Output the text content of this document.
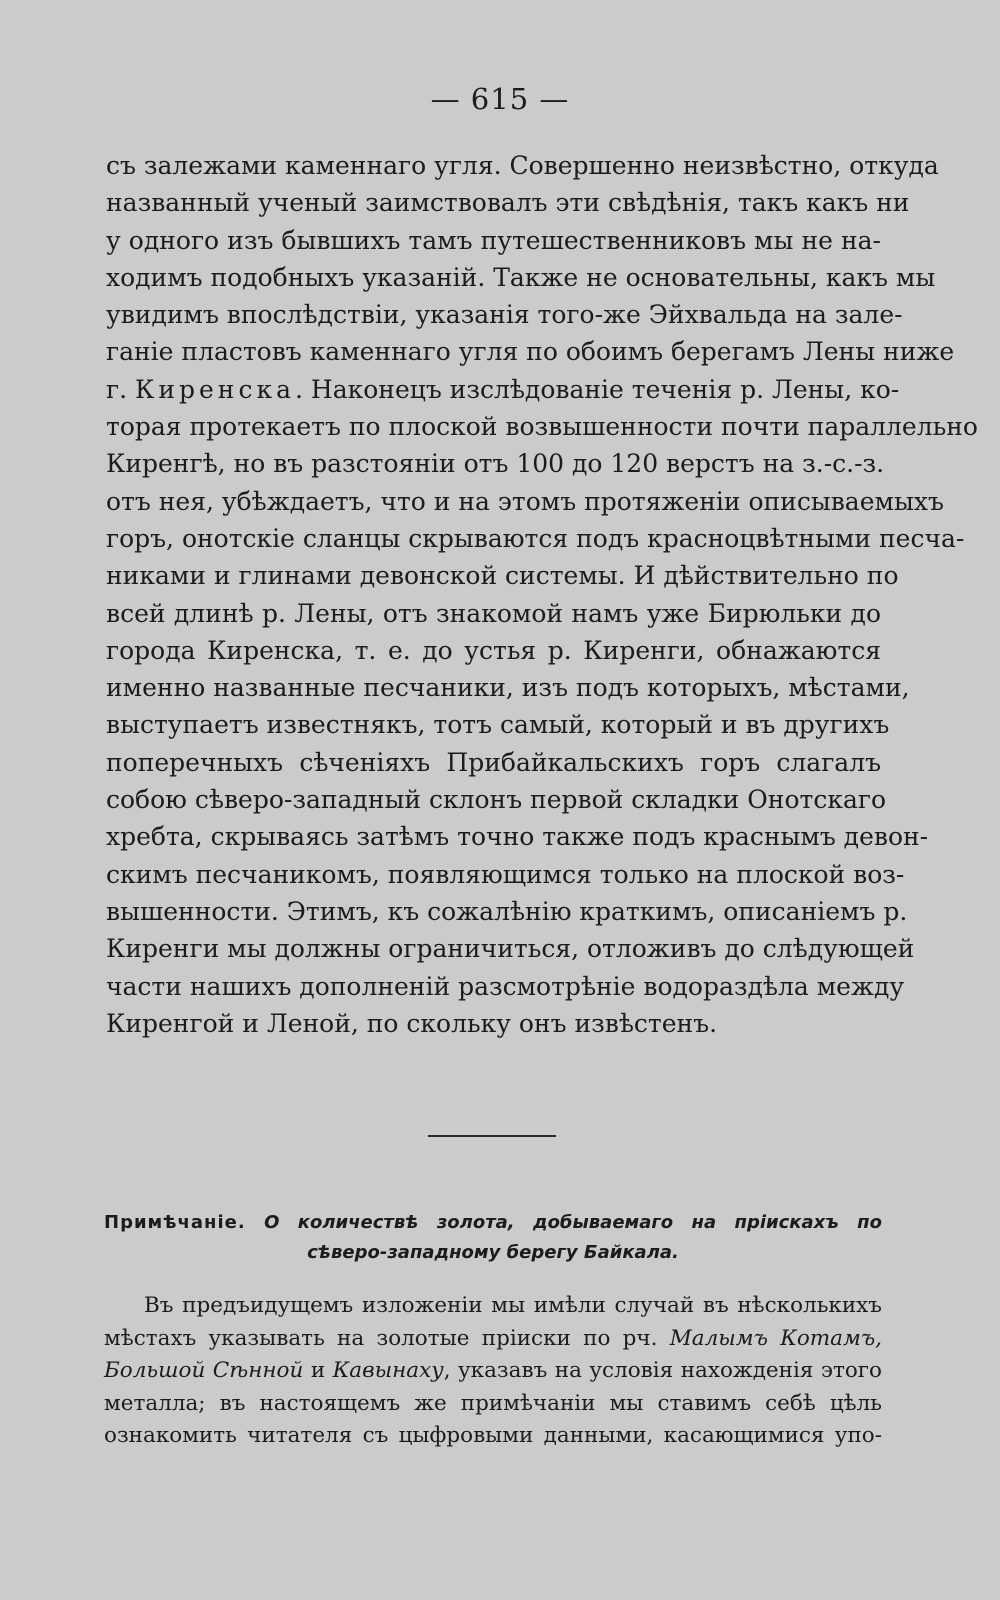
— 615 —
съ залежами каменнаго угля. Совершенно неизвѣстно, откуда
названный ученый заимствовалъ эти свѣдѣнія, такъ какъ ни
у одного изъ бывшихъ тамъ путешественниковъ мы не на-
ходимъ подобныхъ указаній. Также не основательны, какъ мы
увидимъ впослѣдствіи, указанія того-же Эйхвальда на зале-
ганіе пластовъ каменнаго угля по обоимъ берегамъ Лены ниже
г. Киренска. Наконецъ изслѣдованіе теченія р. Лены, ко-
торая протекаетъ по плоской возвышенности почти параллельно
Киренгѣ, но въ разстояніи отъ 100 до 120 верстъ на з.-с.-з.
отъ нея, убѣждаетъ, что и на этомъ протяженіи описываемыхъ
горъ, онотскіе сланцы скрываются подъ красноцвѣтными песча-
никами и глинами девонской системы. И дѣйствительно по
всей длинѣ р. Лены, отъ знакомой намъ уже Бирюльки до
города Киренска, т. е. до устья р. Киренги, обнажаются
именно названные песчаники, изъ подъ которыхъ, мѣстами,
выступаетъ известнякъ, тотъ самый, который и въ другихъ
поперечныхъ сѣченіяхъ Прибайкальскихъ горъ слагалъ
собою сѣверо-западный склонъ первой складки Онотскаго
хребта, скрываясь затѣмъ точно также подъ краснымъ девон-
скимъ песчаникомъ, появляющимся только на плоской воз-
вышенности. Этимъ, къ сожалѣнію краткимъ, описаніемъ р.
Киренги мы должны ограничиться, отложивъ до слѣдующей
части нашихъ дополненій разсмотрѣніе водораздѣла между
Киренгой и Леной, по скольку онъ извѣстенъ.
Примѣчаніе. О количествѣ золота, добываемаго на пріискахъ по
сѣверо-западному берегу Байкала.
Въ предъидущемъ изложеніи мы имѣли случай въ нѣсколькихъ
мѣстахъ указывать на золотые пріиски по рч. Малымъ Котамъ,
Большой Сѣнной и Кавынаху, указавъ на условія нахожденія этого
металла; въ настоящемъ же примѣчаніи мы ставимъ себѣ цѣль
ознакомить читателя съ цыфровыми данными, касающимися упо-
